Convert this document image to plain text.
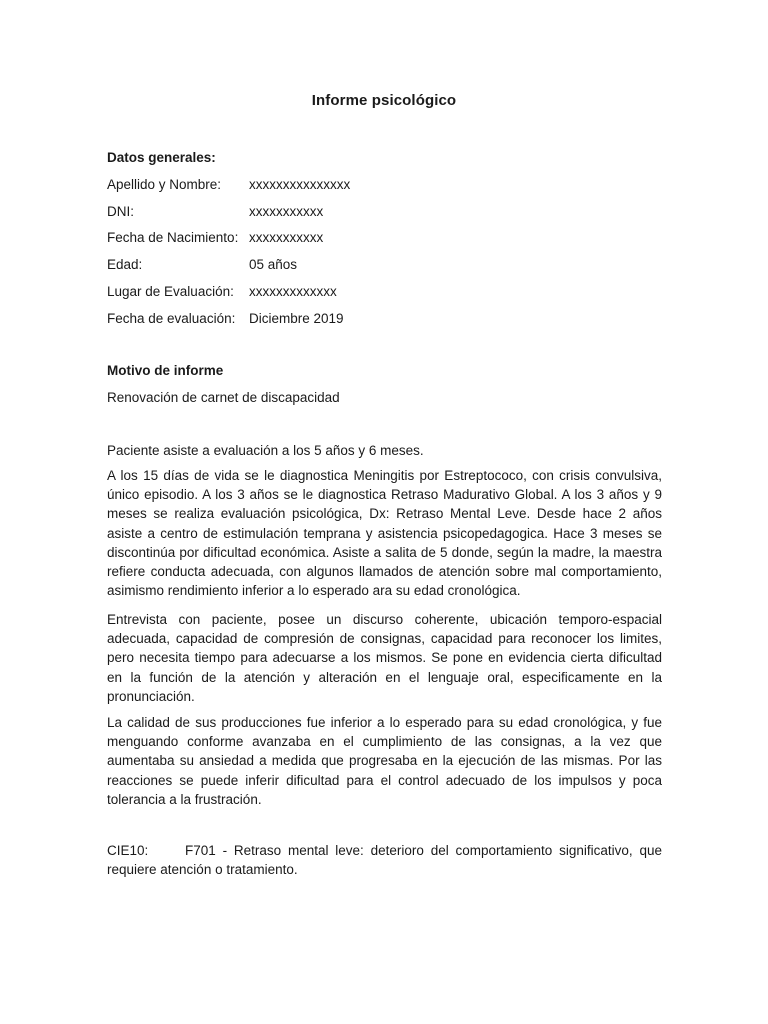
Informe psicológico
Datos generales:
Apellido y Nombre: xxxxxxxxxxxxxxx
DNI:	xxxxxxxxxxx
Fecha de Nacimiento: xxxxxxxxxxx
Edad:	05 años
Lugar de Evaluación: xxxxxxxxxxxxx
Fecha de evaluación: Diciembre 2019
Motivo de informe
Renovación de carnet de discapacidad
Paciente asiste a evaluación a los 5 años y 6 meses.
A los 15 días de vida se le diagnostica Meningitis por Estreptococo, con crisis convulsiva, único episodio. A los 3 años se le diagnostica Retraso Madurativo Global. A los 3 años y 9 meses se realiza evaluación psicológica, Dx: Retraso Mental Leve. Desde hace 2 años asiste a centro de estimulación temprana y asistencia psicopedagogica. Hace 3 meses se discontinúa por dificultad económica. Asiste a salita de 5 donde, según la madre, la maestra refiere conducta adecuada, con algunos llamados de atención sobre mal comportamiento, asimismo rendimiento inferior a lo esperado ara su edad cronológica.
Entrevista con paciente, posee un discurso coherente, ubicación temporo-espacial adecuada, capacidad de compresión de consignas, capacidad para reconocer los limites, pero necesita tiempo para adecuarse a los mismos. Se pone en evidencia cierta dificultad en la función de la atención y alteración en el lenguaje oral, especificamente en la pronunciación.
La calidad de sus producciones fue inferior a lo esperado para su edad cronológica, y fue menguando conforme avanzaba en el cumplimiento de las consignas, a la vez que aumentaba su ansiedad a medida que progresaba en la ejecución de las mismas. Por las reacciones se puede inferir dificultad para el control adecuado de los impulsos y poca tolerancia a la frustración.
CIE10:	F701 - Retraso mental leve: deterioro del comportamiento significativo, que requiere atención o tratamiento.
